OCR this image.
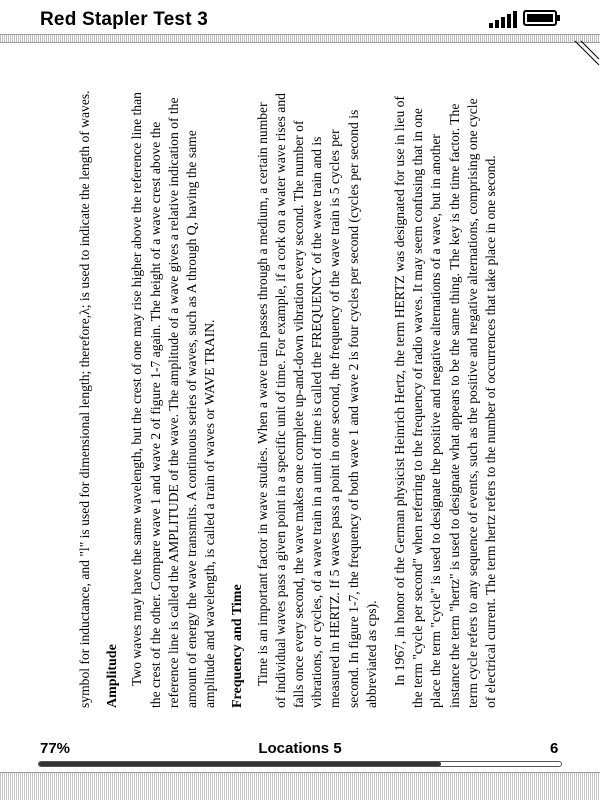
Red Stapler Test 3

symbol for inductance, and "l" is used for dimensional length; therefore,λ; is used to indicate the length of waves. Amplitude Two waves may have the same wavelength, but the crest of one may rise higher above the reference line than the crest of the other. Compare wave 1 and wave 2 of figure 1-7 again. The height of a wave crest above the reference line is called the AMPLITUDE of the wave. The amplitude of a wave gives a relative indication of the amount of energy the wave transmits. A continuous series of waves, such as A through Q, having the same amplitude and wavelength, is called a train of waves or WAVE TRAIN. Frequency and Time Time is an important factor in wave studies. When a wave train passes through a medium, a certain number of individual waves pass a given point in a specific unit of time. For example, if a cork on a water wave rises and falls once every second, the wave makes one complete up-and-down vibration every second. The number of vibrations, or cycles, of a wave train in a unit of time is called the FREQUENCY of the wave train and is measured in HERTZ. If 5 waves pass a point in one second, the frequency of the wave train is 5 cycles per second. In figure 1-7, the frequency of both wave 1 and wave 2 is four cycles per second (cycles per second is abbreviated as cps). In 1967, in honor of the German physicist Heinrich Hertz, the term HERTZ was designated for use in lieu of the term "cycle per second" when referring to the frequency of radio waves. It may seem confusing that in one place the term "cycle" is used to designate the positive and negative alternations of a wave, but in another instance the term "hertz" is used to designate what appears to be the same thing. The key is the time factor. The term cycle refers to any sequence of events, such as the positive and negative alternations, comprising one cycle of electrical current. The term hertz refers to the number of occurrences that take place in one second.

77%	Locations 5	6
